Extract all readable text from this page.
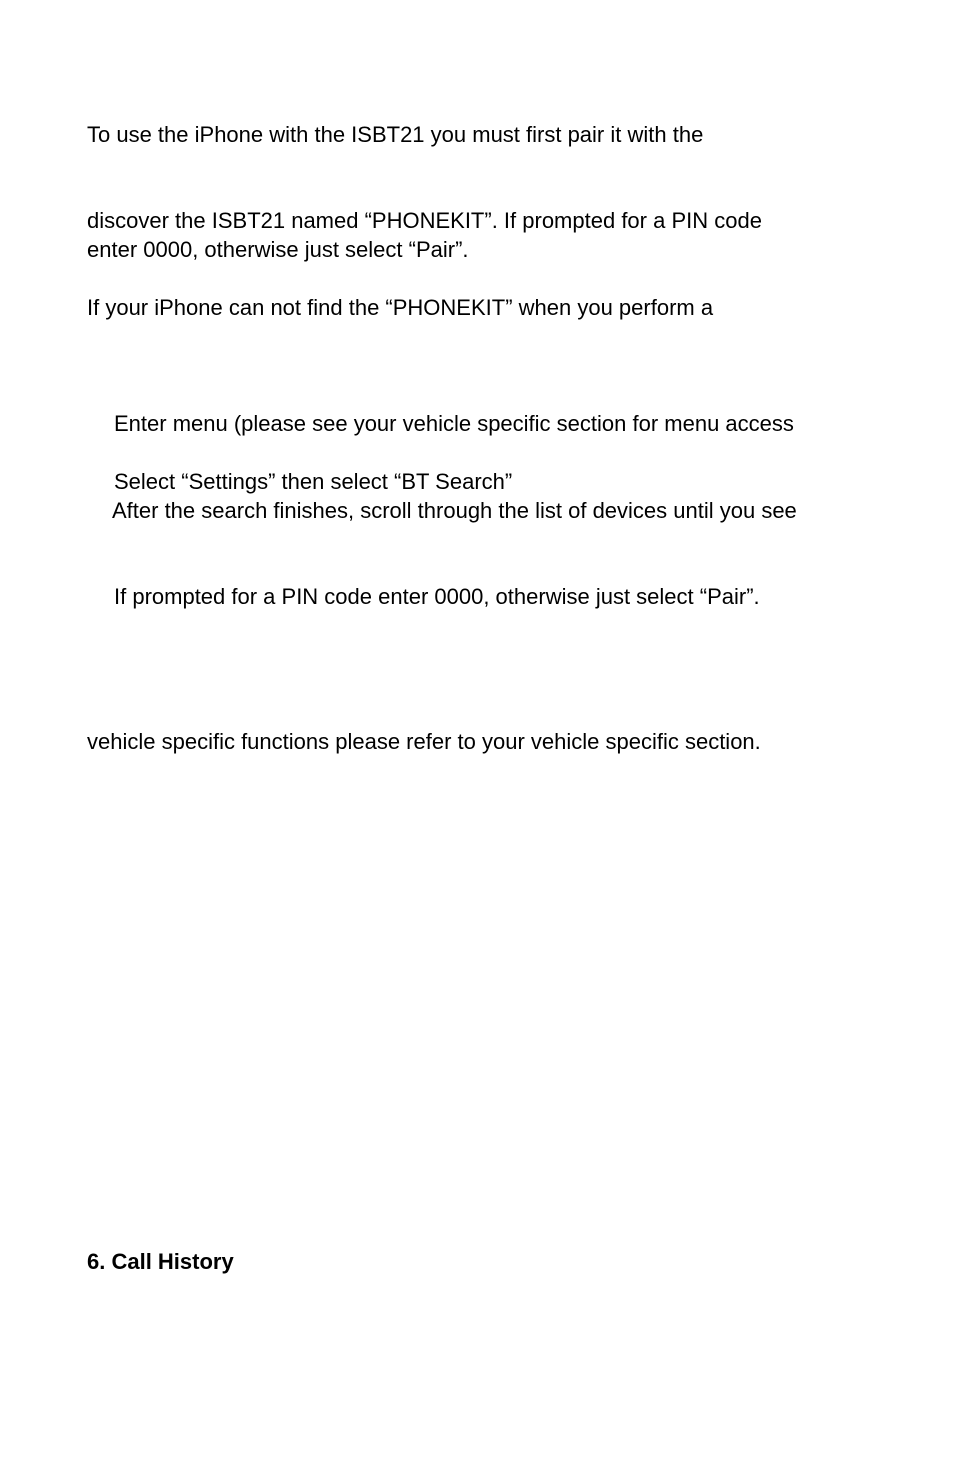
To use the iPhone with the ISBT21 you must first pair it with the

discover the ISBT21 named “PHONEKIT”. If prompted for a PIN code

enter 0000, otherwise just select “Pair”.

If your iPhone can not find the “PHONEKIT” when you perform a

Enter menu (please see your vehicle specific section for menu access

Select “Settings” then select “BT Search”

After the search finishes, scroll through the list of devices until you see

If prompted for a PIN code enter 0000, otherwise just select “Pair”.

vehicle specific functions please refer to your vehicle specific section.

6. Call History
